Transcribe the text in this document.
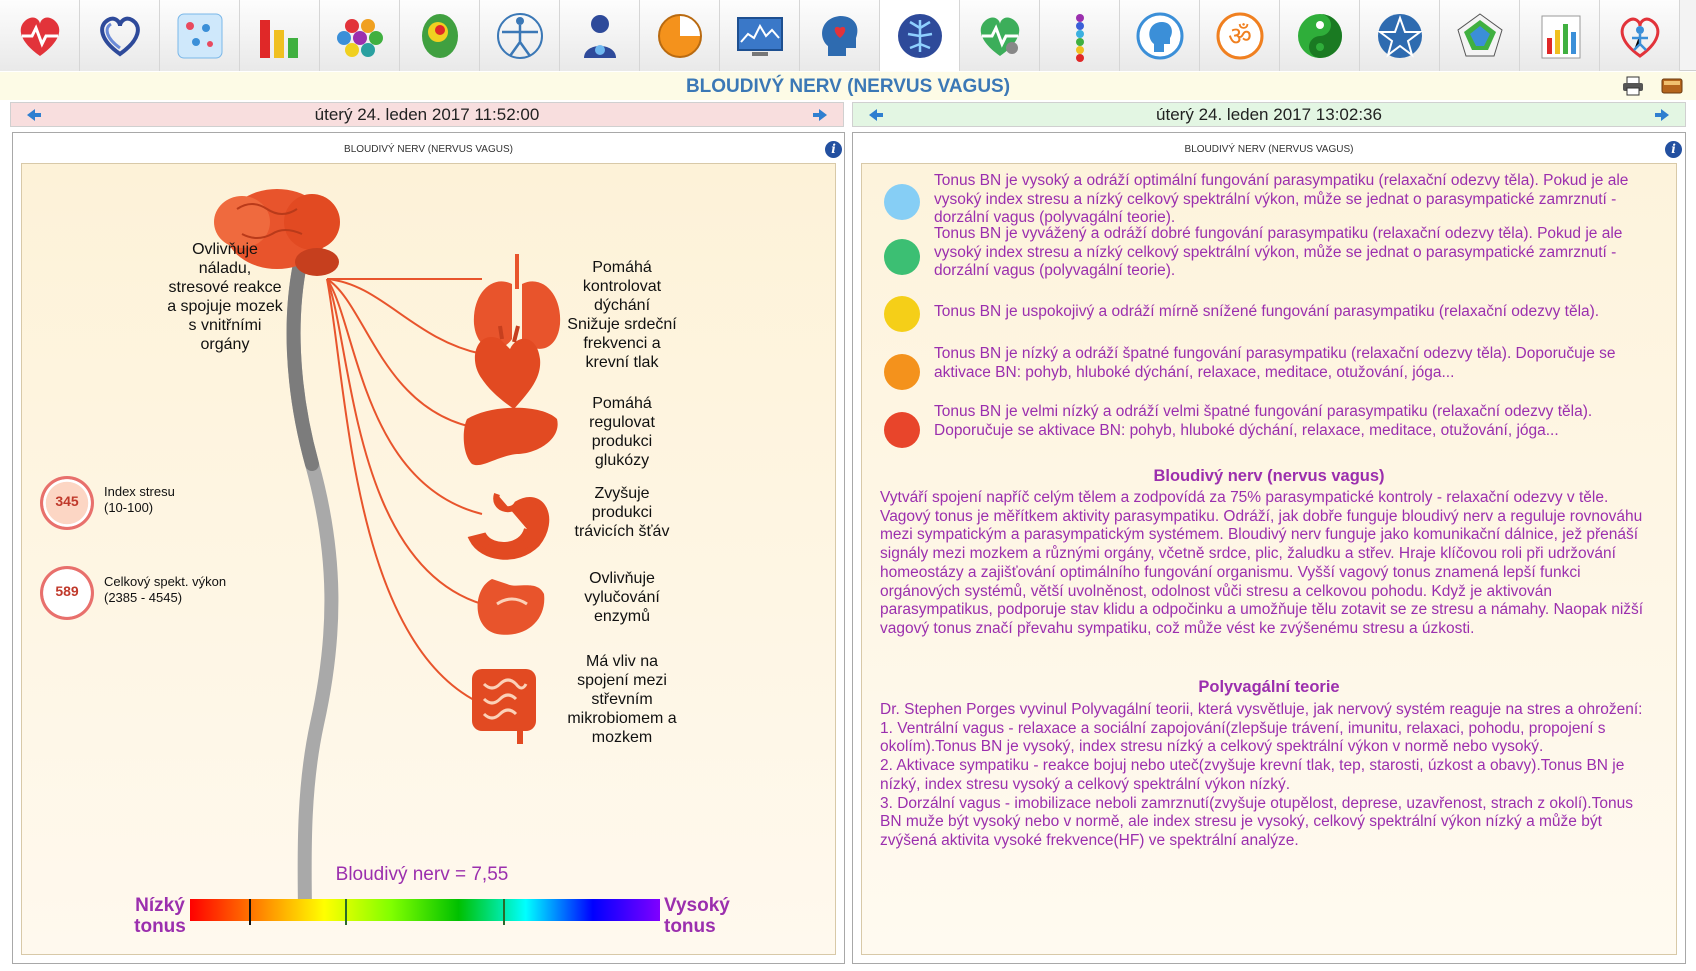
ॐ
BLOUDIVÝ NERV (NERVUS VAGUS)
úterý 24. leden 2017 11:52:00	úterý 24. leden 2017 13:02:36
BLOUDIVÝ NERV (NERVUS VAGUS)	i
Ovlivňuje
náladu,
stresové reakce
a spojuje mozek
s vnitřními
orgány
Pomáhá
kontrolovat
dýchání
Snižuje srdeční
frekvenci a
krevní tlak
Pomáhá
regulovat
produkci
glukózy
Zvyšuje
produkci
trávicích šťáv
Ovlivňuje
vylučování
enzymů
Má vliv na
spojení mezi
střevním
mikrobiomem a
mozkem
345
Index stresu
(10-100)
589
Celkový spekt. výkon
(2385 - 4545)
Bloudivý nerv = 7,55
Nízký
tonus
Vysoký
tonus
BLOUDIVÝ NERV (NERVUS VAGUS)	i
Tonus BN je vysoký a odráží optimální fungování parasympatiku (relaxační odezvy těla). Pokud je ale vysoký index stresu a nízký celkový spektrální výkon, může se jednat o parasympatické zamrznutí - dorzální vagus (polyvagální teorie).
Tonus BN je vyvážený a odráží dobré fungování parasympatiku (relaxační odezvy těla). Pokud je ale vysoký index stresu a nízký celkový spektrální výkon, může se jednat o parasympatické zamrznutí - dorzální vagus (polyvagální teorie).
Tonus BN je uspokojivý a odráží mírně snížené fungování parasympatiku (relaxační odezvy těla).
Tonus BN je nízký a odráží špatné fungování parasympatiku (relaxační odezvy těla). Doporučuje se aktivace BN: pohyb, hluboké dýchání, relaxace, meditace, otužování, jóga...
Tonus BN je velmi nízký a odráží velmi špatné fungování parasympatiku (relaxační odezvy těla). Doporučuje se aktivace BN: pohyb, hluboké dýchání, relaxace, meditace, otužování, jóga...
Bloudivý nerv (nervus vagus)
Vytváří spojení napříč celým tělem a zodpovídá za 75% parasympatické kontroly - relaxační odezvy v těle. Vagový tonus je měřítkem aktivity parasympatiku. Odráží, jak dobře funguje bloudivý nerv a reguluje rovnováhu mezi sympatickým a parasympatickým systémem. Bloudivý nerv funguje jako komunikační dálnice, jež přenáší signály mezi mozkem a různými orgány, včetně srdce, plic, žaludku a střev. Hraje klíčovou roli při udržování homeostázy a zajišťování optimálního fungování organismu. Vyšší vagový tonus znamená lepší funkci orgánových systémů, větší uvolněnost, odolnost vůči stresu a celkovou pohodu. Když je aktivován parasympatikus, podporuje stav klidu a odpočinku a umožňuje tělu zotavit se ze stresu a námahy. Naopak nižší vagový tonus značí převahu sympatiku, což může vést ke zvýšenému stresu a úzkosti.
Polyvagální teorie

Dr. Stephen Porges vyvinul Polyvagální teorii, která vysvětluje, jak nervový systém reaguje na stres a ohrožení:

1. Ventrální vagus - relaxace a sociální zapojování(zlepšuje trávení, imunitu, relaxaci, pohodu, propojení s okolím).Tonus BN je vysoký, index stresu nízký a celkový spektrální výkon v normě nebo vysoký.

2. Aktivace sympatiku - reakce bojuj nebo uteč(zvyšuje krevní tlak, tep, starosti, úzkost a obavy).Tonus BN je nízký, index stresu vysoký a celkový spektrální výkon nízký.

3. Dorzální vagus - imobilizace neboli zamrznutí(zvyšuje otupělost, deprese, uzavřenost, strach z okolí).Tonus BN muže být vysoký nebo v normě, ale index stresu je vysoký, celkový spektrální výkon nízký a může být zvýšená aktivita vysoké frekvence(HF) ve spektrální analýze.
